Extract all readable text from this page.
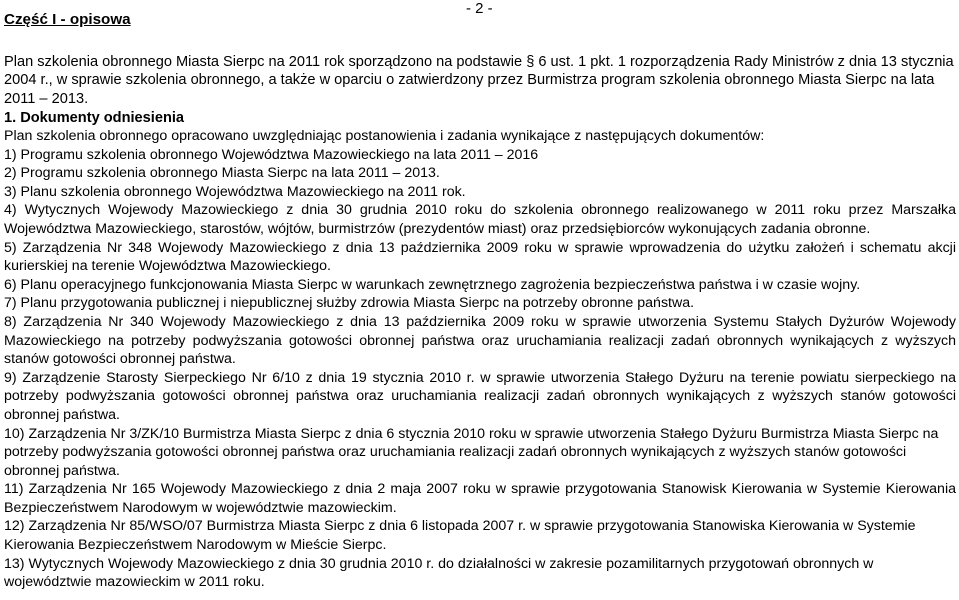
Część I - opisowa
- 2 -
Plan szkolenia obronnego Miasta Sierpc na 2011 rok sporządzono na podstawie § 6 ust. 1 pkt. 1 rozporządzenia Rady Ministrów z dnia 13 stycznia 2004 r., w sprawie szkolenia obronnego, a także w oparciu o zatwierdzony przez Burmistrza program szkolenia obronnego Miasta Sierpc na lata 2011 – 2013.
1. Dokumenty odniesienia

Plan szkolenia obronnego opracowano uwzględniając postanowienia i zadania wynikające z następujących dokumentów:

1) Programu szkolenia obronnego Województwa Mazowieckiego na lata 2011 – 2016

2) Programu szkolenia obronnego Miasta Sierpc na lata 2011 – 2013.

3) Planu szkolenia obronnego Województwa Mazowieckiego na 2011 rok.

4) Wytycznych Wojewody Mazowieckiego z dnia 30 grudnia 2010 roku do szkolenia obronnego realizowanego w 2011 roku przez Marszałka Województwa Mazowieckiego, starostów, wójtów, burmistrzów (prezydentów miast) oraz przedsiębiorców wykonujących zadania obronne.

5) Zarządzenia Nr 348 Wojewody Mazowieckiego z dnia 13 października 2009 roku w sprawie wprowadzenia do użytku założeń i schematu akcji kurierskiej na terenie Województwa Mazowieckiego.

6) Planu operacyjnego funkcjonowania Miasta Sierpc w warunkach zewnętrznego zagrożenia bezpieczeństwa państwa i w czasie wojny.

7) Planu przygotowania publicznej i niepublicznej służby zdrowia Miasta Sierpc na potrzeby obronne państwa.

8) Zarządzenia Nr 340 Wojewody Mazowieckiego z dnia 13 października 2009 roku w sprawie utworzenia Systemu Stałych Dyżurów Wojewody Mazowieckiego na potrzeby podwyższania gotowości obronnej państwa oraz uruchamiania realizacji zadań obronnych wynikających z wyższych stanów gotowości obronnej państwa.

9) Zarządzenie Starosty Sierpeckiego Nr 6/10 z dnia 19 stycznia 2010 r. w sprawie utworzenia Stałego Dyżuru na terenie powiatu sierpeckiego na potrzeby podwyższania gotowości obronnej państwa oraz uruchamiania realizacji zadań obronnych wynikających z wyższych stanów gotowości obronnej państwa.

10) Zarządzenia Nr 3/ZK/10 Burmistrza Miasta Sierpc z dnia 6 stycznia 2010 roku w sprawie utworzenia Stałego Dyżuru Burmistrza Miasta Sierpc na potrzeby podwyższania gotowości obronnej państwa oraz uruchamiania realizacji zadań obronnych wynikających z wyższych stanów gotowości obronnej państwa.

11) Zarządzenia Nr 165 Wojewody Mazowieckiego z dnia 2 maja 2007 roku w sprawie przygotowania Stanowisk Kierowania w Systemie Kierowania Bezpieczeństwem Narodowym w województwie mazowieckim.

12) Zarządzenia Nr 85/WSO/07 Burmistrza Miasta Sierpc z dnia 6 listopada 2007 r. w sprawie przygotowania Stanowiska Kierowania w Systemie Kierowania Bezpieczeństwem Narodowym w Mieście Sierpc.

13) Wytycznych Wojewody Mazowieckiego z dnia 30 grudnia 2010 r. do działalności w zakresie pozamilitarnych przygotowań obronnych w województwie mazowieckim w 2011 roku.
